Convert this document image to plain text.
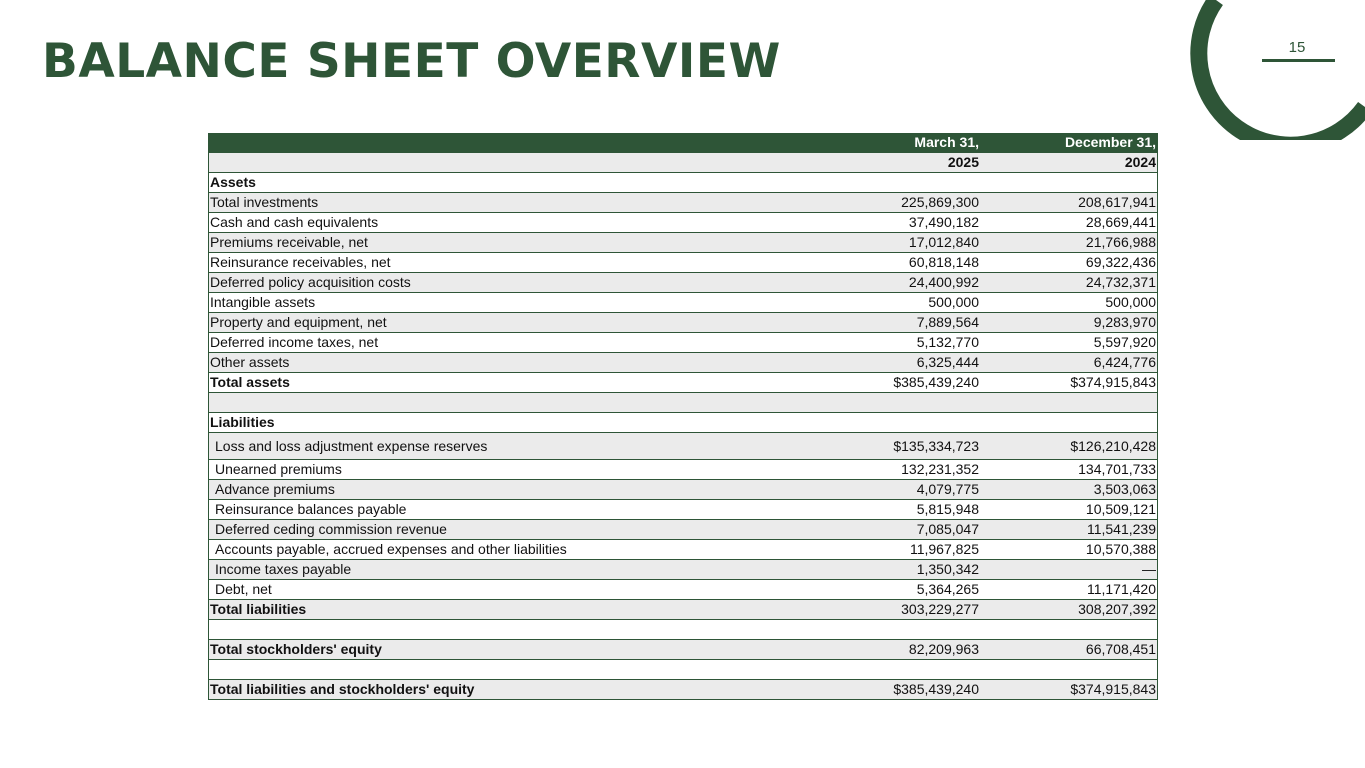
BALANCE SHEET OVERVIEW	15
	March 31,	December 31,
	2025	2024
Assets		
Total investments	225,869,300	208,617,941
Cash and cash equivalents	37,490,182	28,669,441
Premiums receivable, net	17,012,840	21,766,988
Reinsurance receivables, net	60,818,148	69,322,436
Deferred policy acquisition costs	24,400,992	24,732,371
Intangible assets	500,000	500,000
Property and equipment, net	7,889,564	9,283,970
Deferred income taxes, net	5,132,770	5,597,920
Other assets	6,325,444	6,424,776
Total assets	$385,439,240	$374,915,843

Liabilities		
Loss and loss adjustment expense reserves	$135,334,723	$126,210,428
Unearned premiums	132,231,352	134,701,733
Advance premiums	4,079,775	3,503,063
Reinsurance balances payable	5,815,948	10,509,121
Deferred ceding commission revenue	7,085,047	11,541,239
Accounts payable, accrued expenses and other liabilities	11,967,825	10,570,388
Income taxes payable	1,350,342	—
Debt, net	5,364,265	11,171,420
Total liabilities	303,229,277	308,207,392

Total stockholders' equity	82,209,963	66,708,451

Total liabilities and stockholders' equity	$385,439,240	$374,915,843
